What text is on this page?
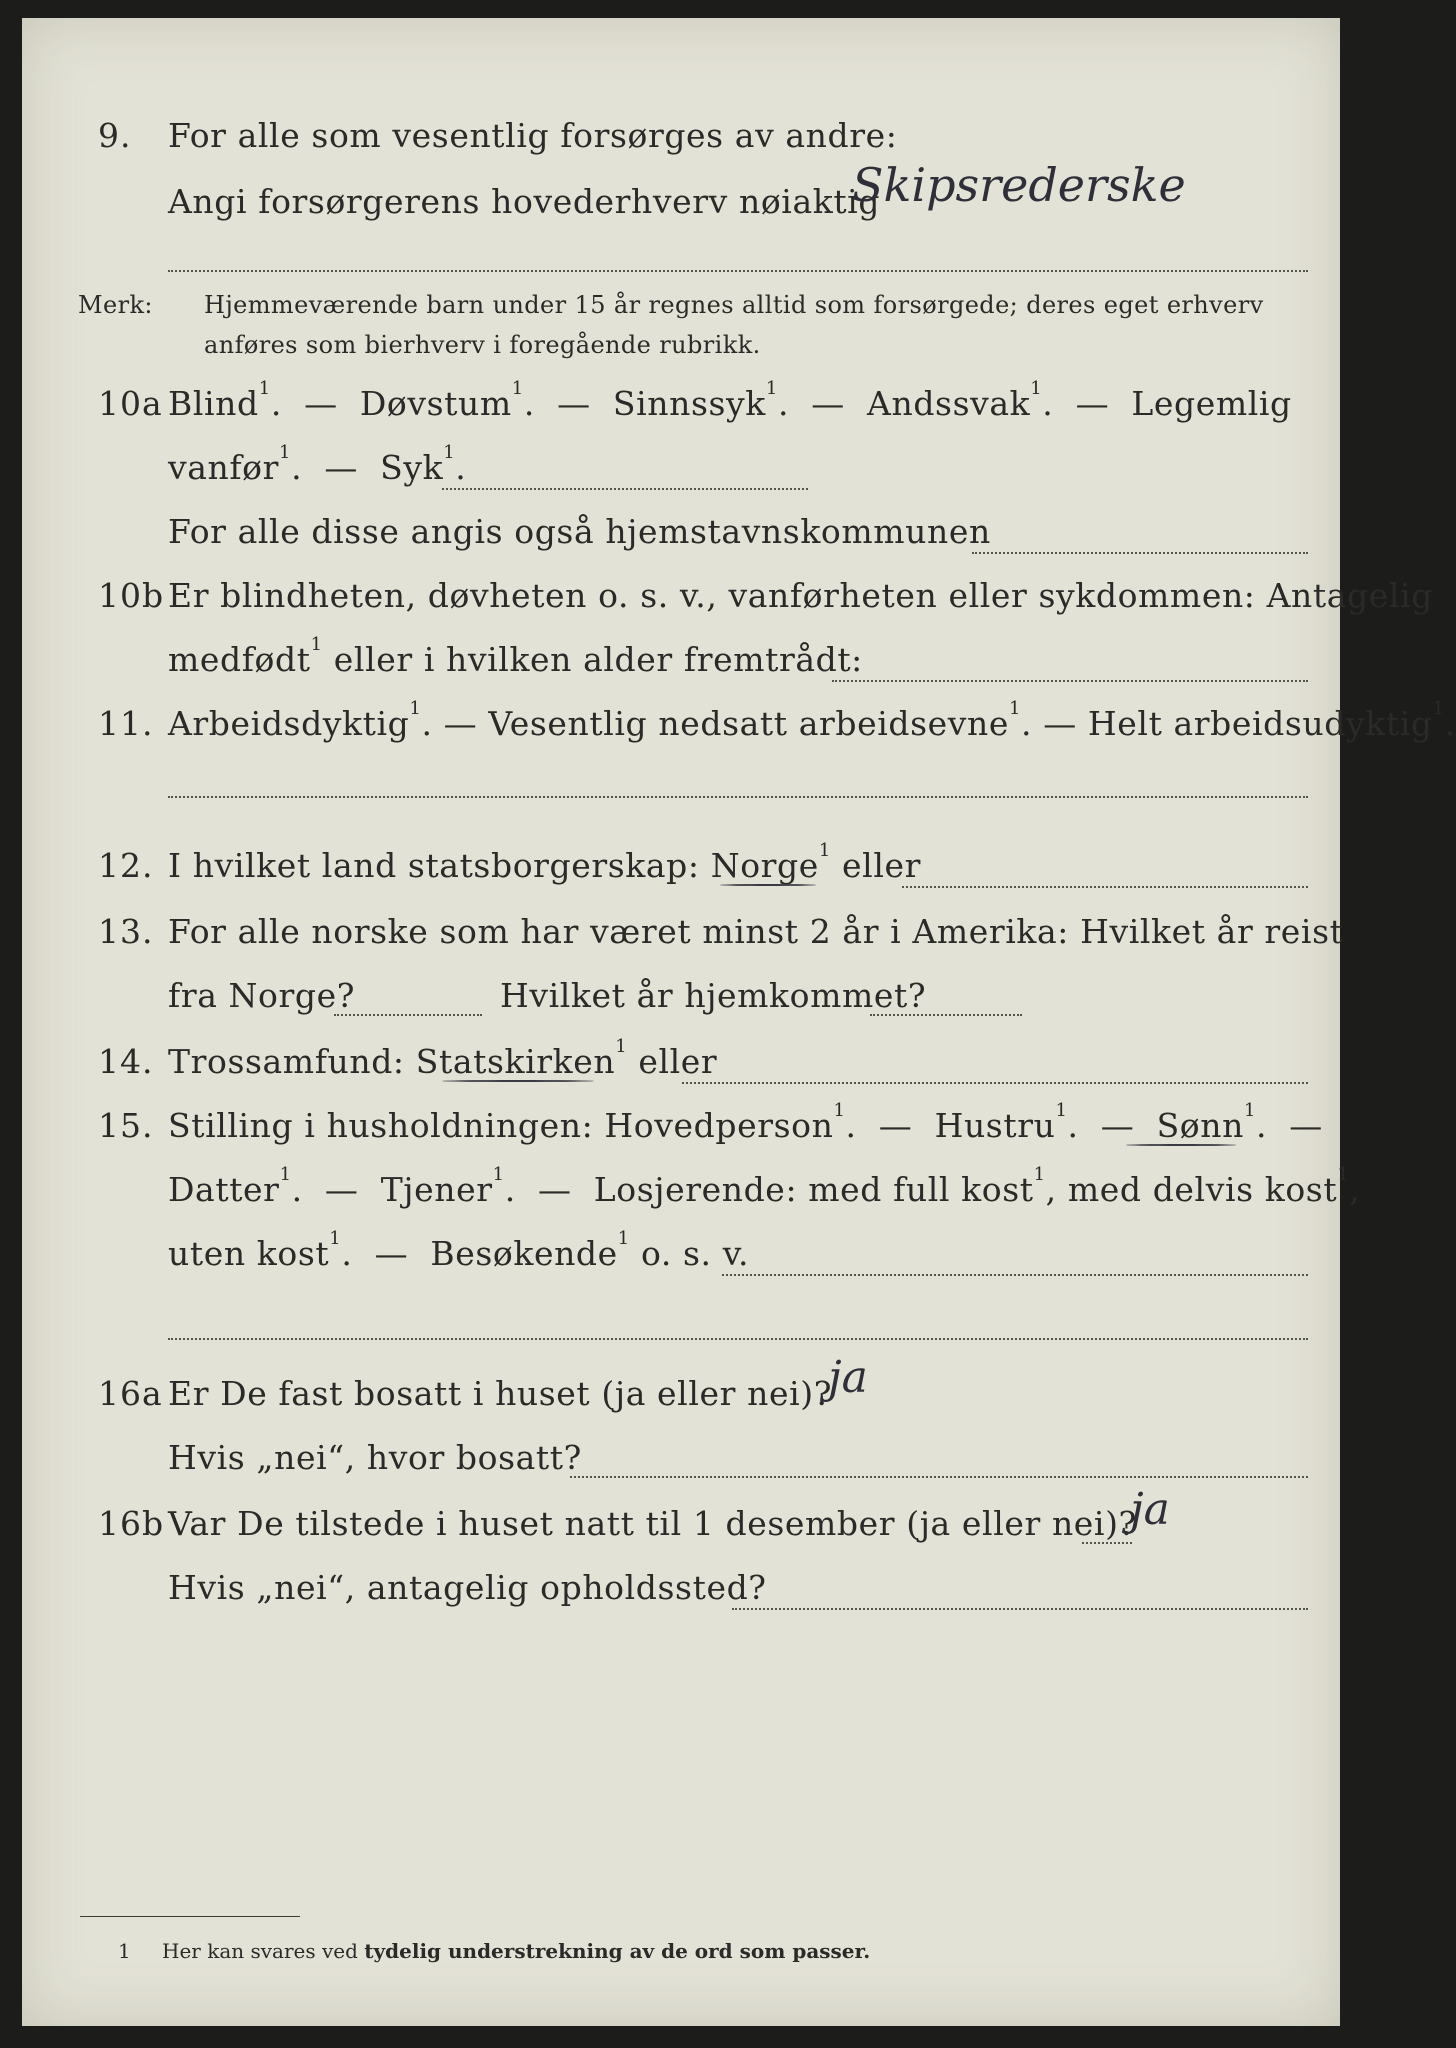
9. For alle som vesentlig forsørges av andre:
Angi forsørgerens hovederhverv nøiaktig
Skipsrederske
Merk: Hjemmeværende barn under 15 år regnes alltid som forsørgede; deres eget erhverv
anføres som bierhverv i foregående rubrikk.
10a Blind$^1$.  —  Døvstum$^1$.  —  Sinnssyk$^1$.  —  Andssvak$^1$.  —  Legemlig
vanfør$^1$.  —  Syk$^1$.
For alle disse angis også hjemstavnskommunen
10b Er blindheten, døvheten o. s. v., vanførheten eller sykdommen: Antagelig
medfødt$^1$ eller i hvilken alder fremtrådt:
11. Arbeidsdyktig$^1$. — Vesentlig nedsatt arbeidsevne$^1$. — Helt arbeidsudyktig$^1$.
12. I hvilket land statsborgerskap: Norge$^1$ eller
13. For alle norske som har været minst 2 år i Amerika: Hvilket år reist
fra Norge?	Hvilket år hjemkommet?
14. Trossamfund: Statskirken$^1$ eller
15. Stilling i husholdningen: Hovedperson$^1$.  —  Hustru$^1$.  —  Sønn$^1$.  —
Datter$^1$.  —  Tjener$^1$.  —  Losjerende: med full kost$^1$, med delvis kost$^1$,
uten kost$^1$.  —  Besøkende$^1$ o. s. v.
16a Er De fast bosatt i huset (ja eller nei)?
ja
Hvis „nei“, hvor bosatt?
16b Var De tilstede i huset natt til 1 desember (ja eller nei)?
ja
Hvis „nei“, antagelig opholdssted?
1 Her kan svares ved tydelig understrekning av de ord som passer.
